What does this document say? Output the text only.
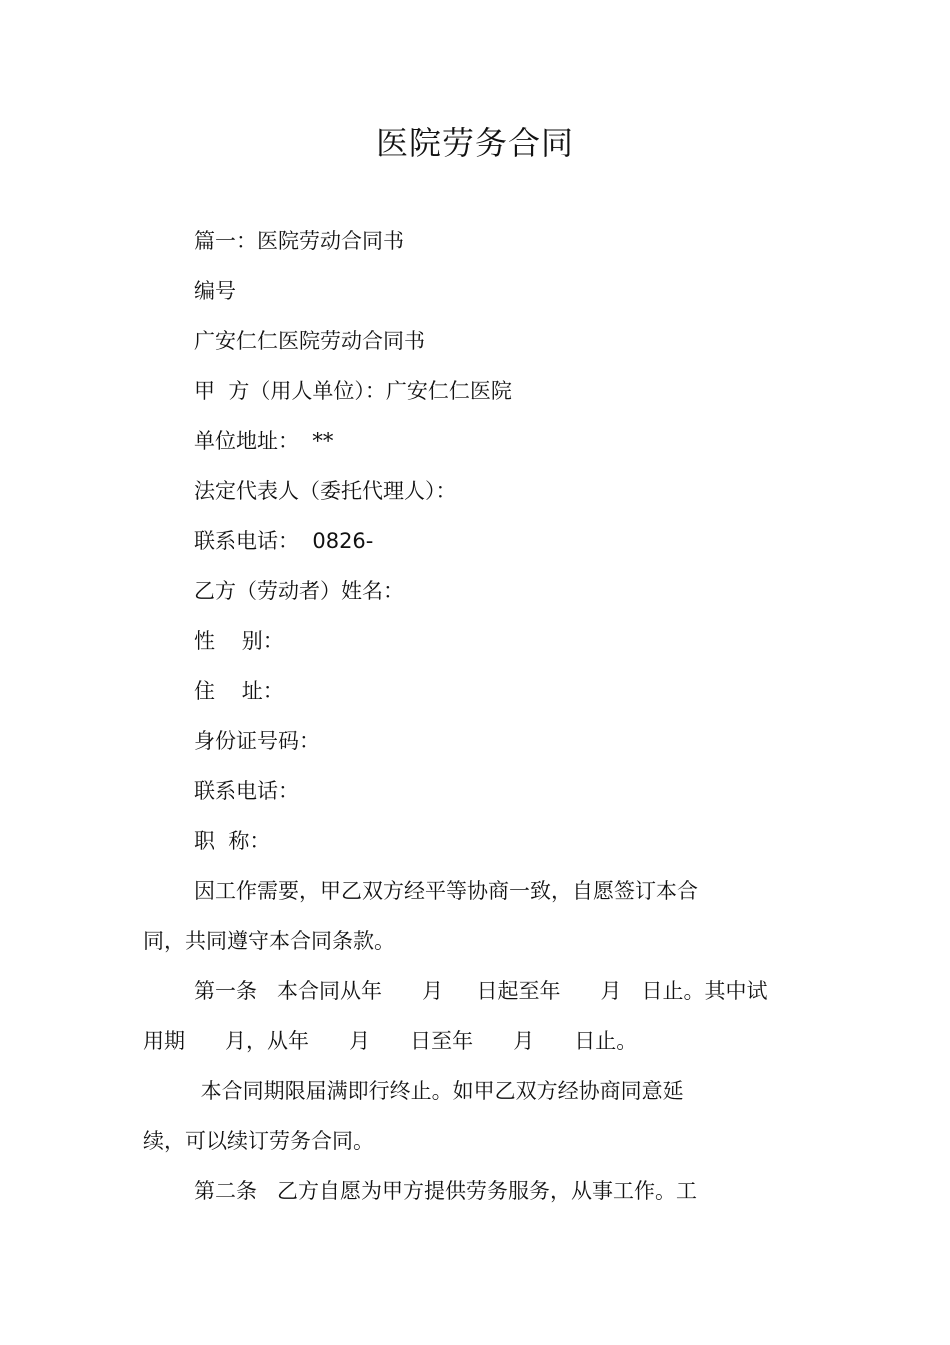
医院劳务合同

篇一：医院劳动合同书

编号

广安仁仁医院劳动合同书

甲  方（用人单位）：广安仁仁医院

单位地址：  **

法定代表人（委托代理人）：

联系电话：  0826-

乙方（劳动者）姓名：

性    别：

住    址：

身份证号码：

联系电话：

职  称：

因工作需要，甲乙双方经平等协商一致，自愿签订本合

同，共同遵守本合同条款。

第一条   本合同从年      月     日起至年      月   日止。其中试

用期      月，从年      月      日至年      月      日止。

本合同期限届满即行终止。如甲乙双方经协商同意延

续，可以续订劳务合同。

第二条   乙方自愿为甲方提供劳务服务，从事工作。工
